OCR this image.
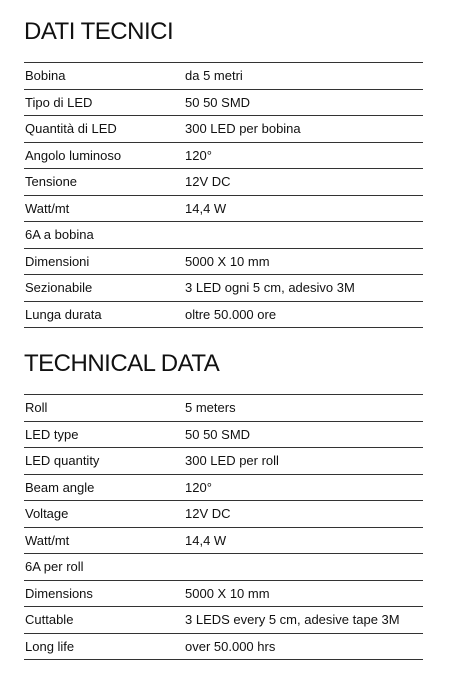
DATI TECNICI
Bobina	da 5 metri
Tipo di LED	50 50 SMD
Quantità di LED	300 LED per bobina
Angolo luminoso	120°
Tensione	12V DC
Watt/mt	14,4 W
6A a bobina
Dimensioni	5000 X 10 mm
Sezionabile	3 LED ogni 5 cm, adesivo 3M
Lunga durata	oltre 50.000 ore
TECHNICAL DATA
Roll	5 meters
LED type	50 50 SMD
LED quantity	300 LED per roll
Beam angle	120°
Voltage	12V DC
Watt/mt	14,4 W
6A per roll
Dimensions	5000 X 10 mm
Cuttable	3 LEDS every 5 cm, adesive tape 3M
Long life	over 50.000 hrs
